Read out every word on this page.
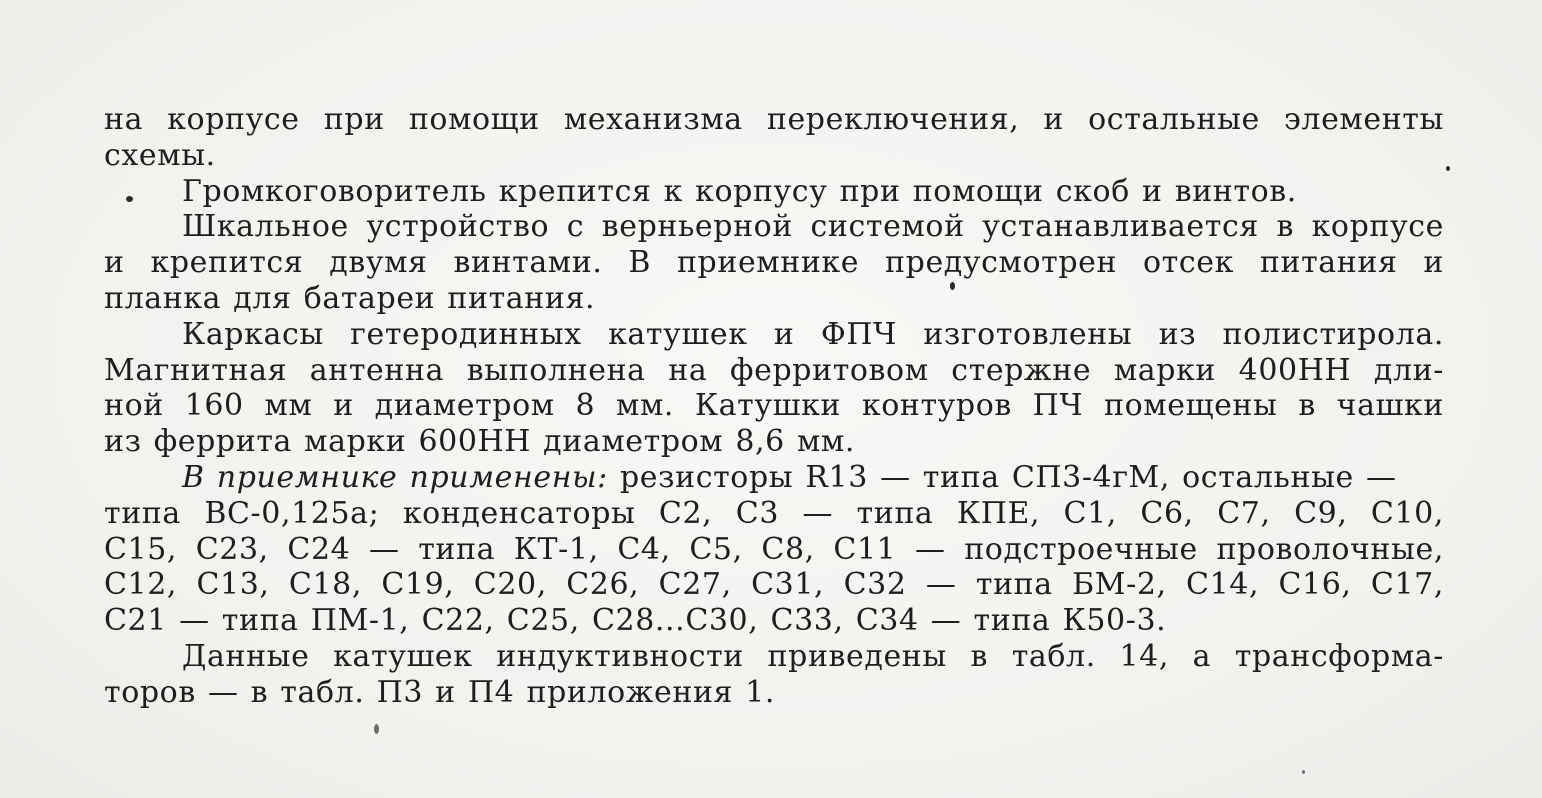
на корпусе при помощи механизма переключения, и остальные элементы
схемы.
Громкоговоритель крепится к корпусу при помощи скоб и винтов.
Шкальное устройство с верньерной системой устанавливается в корпусе
и крепится двумя винтами. В приемнике предусмотрен отсек питания и
планка для батареи питания.
Каркасы гетеродинных катушек и ФПЧ изготовлены из полистирола.
Магнитная антенна выполнена на ферритовом стержне марки 400НН дли-
ной 160 мм и диаметром 8 мм. Катушки контуров ПЧ помещены в чашки
из феррита марки 600НН диаметром 8,6 мм.
В приемнике применены: резисторы R13 — типа СП3-4гМ, остальные —
типа ВС-0,125а; конденсаторы C2, C3 — типа КПЕ, C1, C6, C7, C9, C10,
C15, C23, C24 — типа КТ-1, C4, C5, C8, C11 — подстроечные проволочные,
C12, C13, C18, C19, C20, C26, C27, C31, C32 — типа БМ-2, C14, C16, C17,
C21 — типа ПМ-1, C22, C25, C28...C30, C33, C34 — типа К50-3.
Данные катушек индуктивности приведены в табл. 14, а трансформа-
торов — в табл. П3 и П4 приложения 1.
